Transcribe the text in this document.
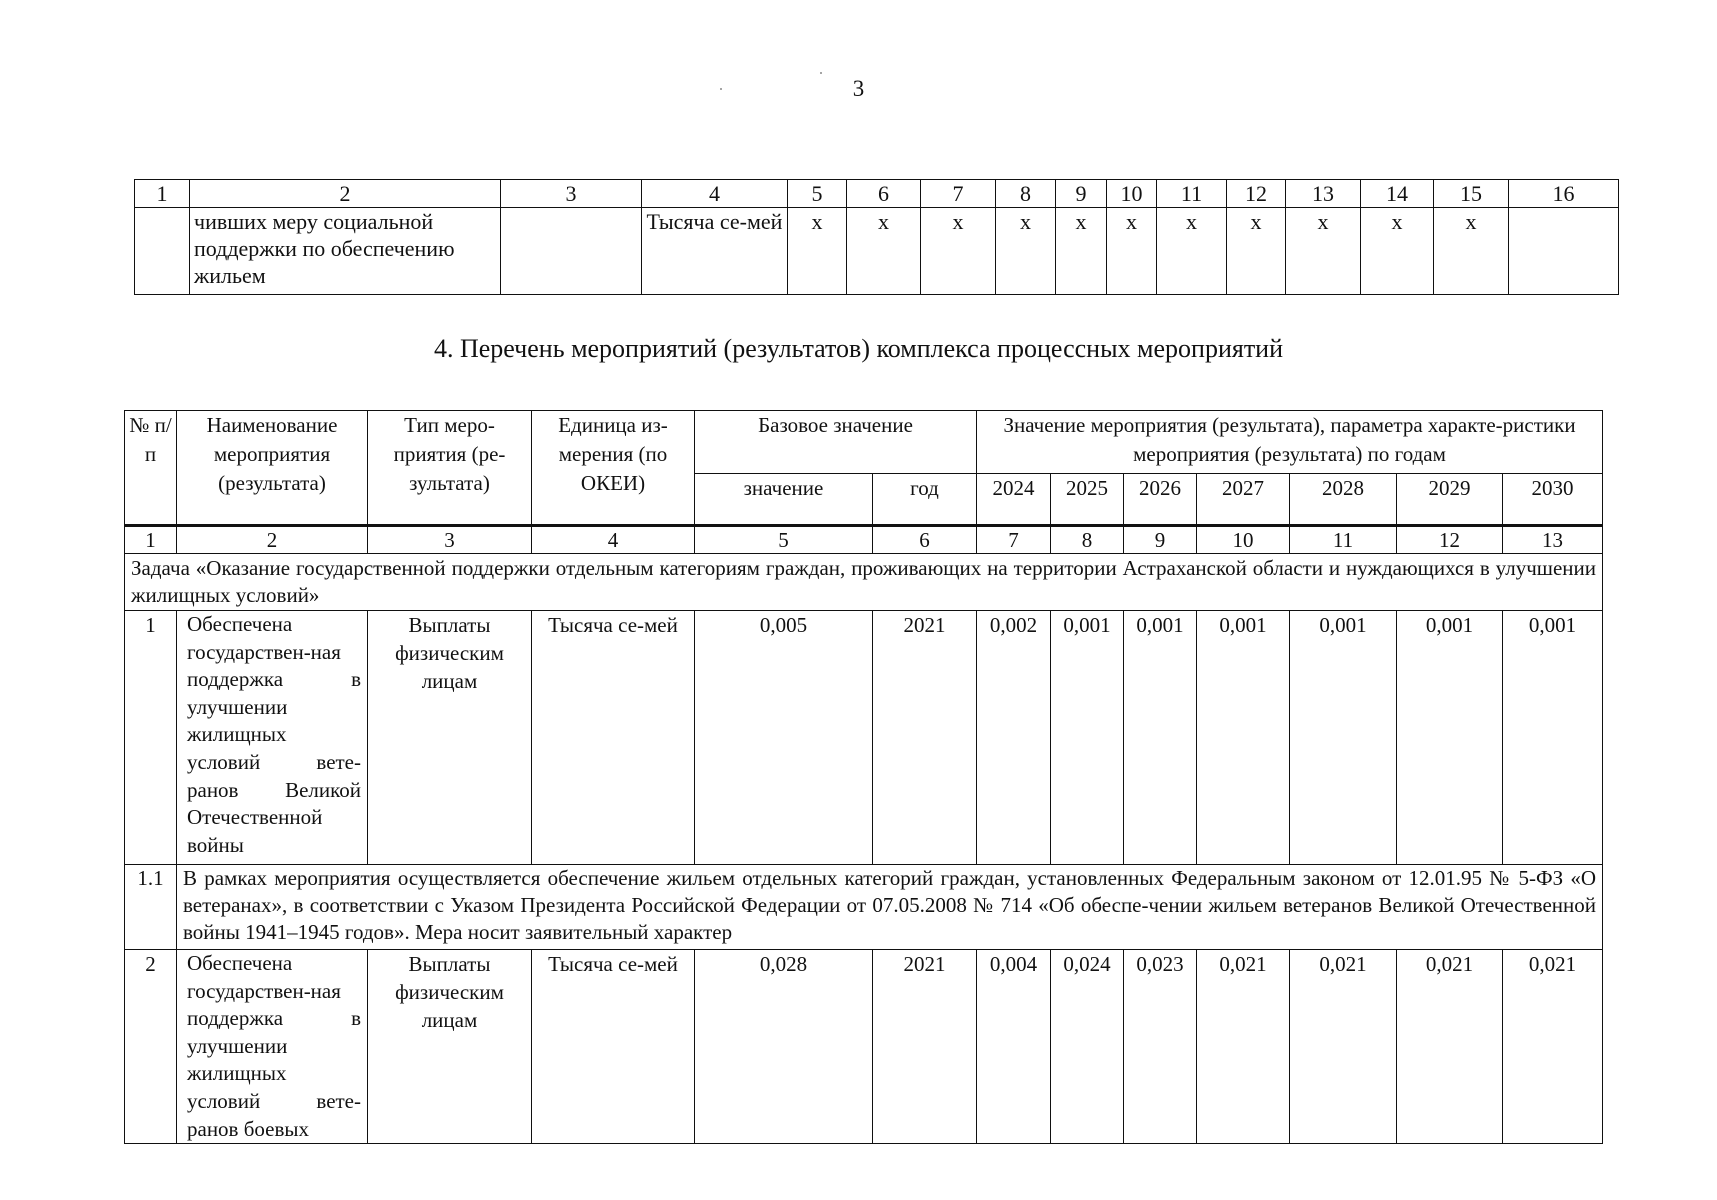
3
1	2	3	4	5	6	7	8	9	10	11	12	13	14	15	16
	чивших меру социальной поддержки по обеспечению жильем		Тысяча се-мей	x	x	x	x	x	x	x	x	x	x	x	
4. Перечень мероприятий (результатов) комплекса процессных мероприятий
№ п/п	Наименование мероприятия (результата)	Тип меро-приятия (ре-зультата)	Единица из-мерения (по ОКЕИ)	Базовое значение		Значение мероприятия (результата), параметра характе-ристики мероприятия (результата) по годам						
				значение	год	2024	2025	2026	2027	2028	2029	2030
1	2	3	4	5	6	7	8	9	10	11	12	13
Задача «Оказание государственной поддержки отдельным категориям граждан, проживающих на территории Астраханской области и нуждающихся в улучшении жилищных условий»												
1	Обеспечена государствен-ная поддержка в улучшении жилищных условий вете-ранов Великой Отечественной войны	Выплаты физическим лицам	Тысяча се-мей	0,005	2021	0,002	0,001	0,001	0,001	0,001	0,001	0,001
1.1	В рамках мероприятия осуществляется обеспечение жильем отдельных категорий граждан, установленных Федеральным законом от 12.01.95 № 5-ФЗ «О ветеранах», в соответствии с Указом Президента Российской Федерации от 07.05.2008 № 714 «Об обеспе-чении жильем ветеранов Великой Отечественной войны 1941–1945 годов». Мера носит заявительный характер											
2	Обеспечена государствен-ная поддержка в улучшении жилищных условий вете-ранов боевых	Выплаты физическим лицам	Тысяча се-мей	0,028	2021	0,004	0,024	0,023	0,021	0,021	0,021	0,021
